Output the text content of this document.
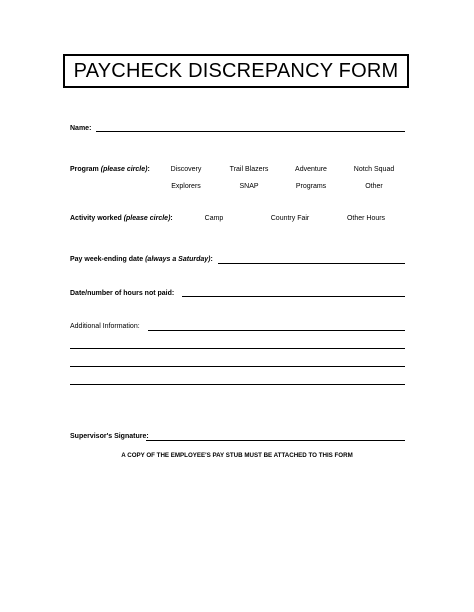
PAYCHECK DISCREPANCY FORM
Name:
Program (please circle):	Discovery	Trail Blazers	Adventure	Notch Squad
Explorers	SNAP	Programs	Other
Activity worked (please circle):	Camp	Country Fair	Other Hours
Pay week-ending date (always a Saturday):
Date/number of hours not paid:
Additional Information:
Supervisor's Signature:
A COPY OF THE EMPLOYEE'S PAY STUB MUST BE ATTACHED TO THIS FORM
